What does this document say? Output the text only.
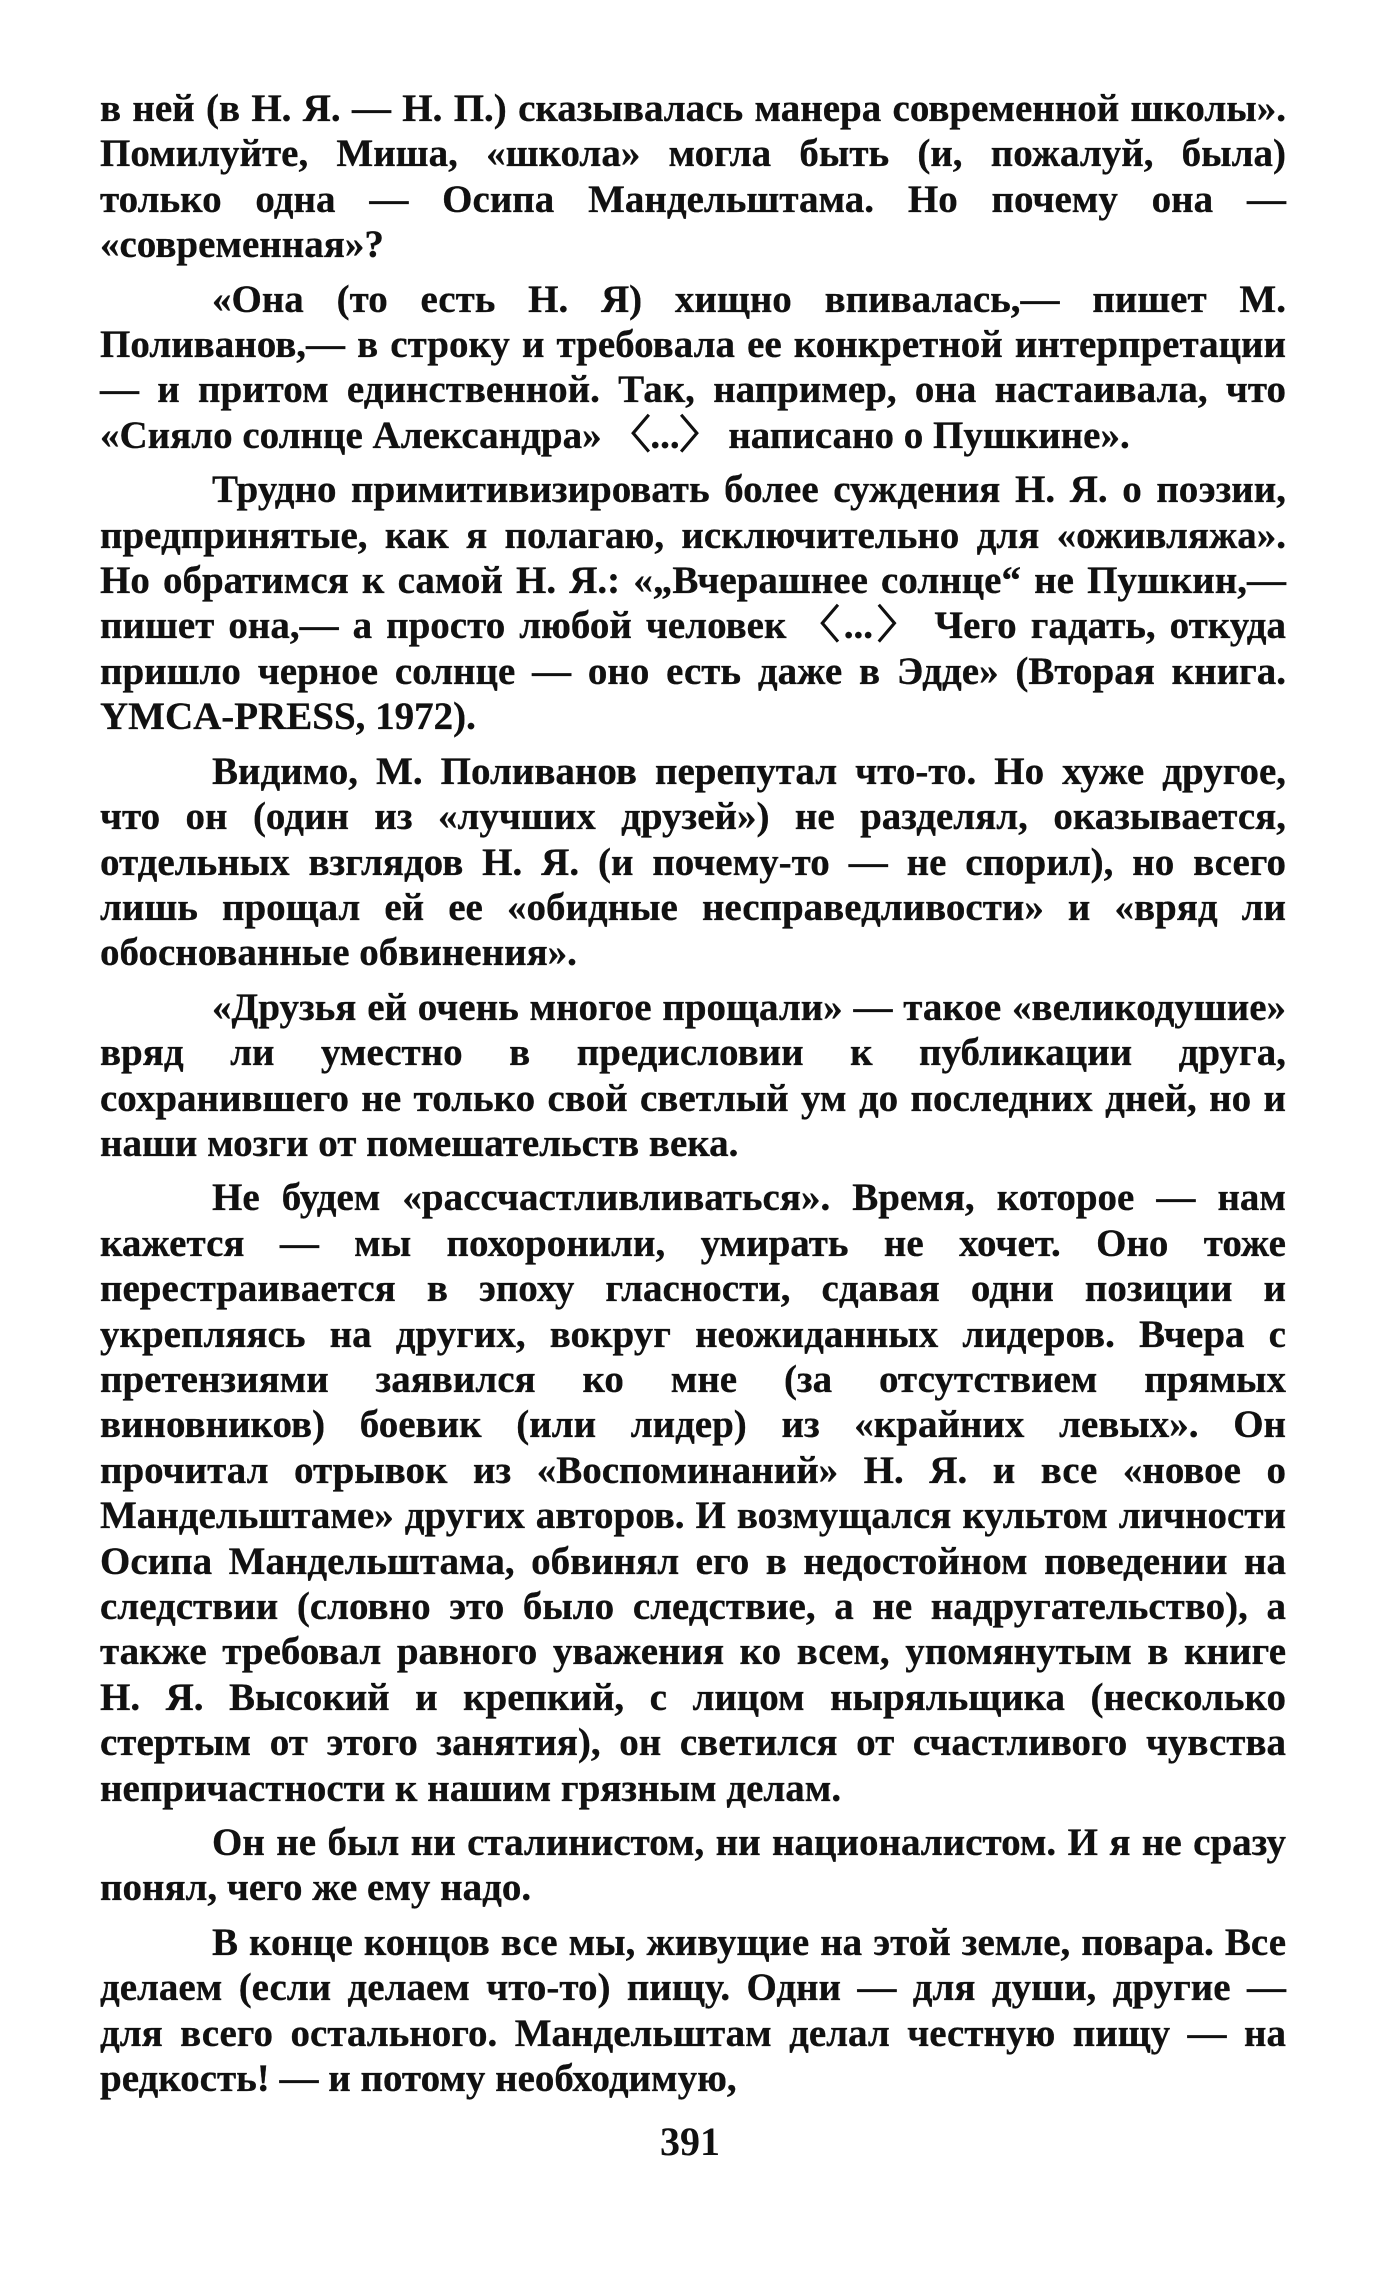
в ней (в Н. Я. — Н. П.) сказывалась манера современной школы». Помилуйте, Миша, «школа» могла быть (и, пожалуй, была) только одна — Осипа Мандельштама. Но почему она — «современная»?

«Она (то есть Н. Я) хищно впивалась,— пишет М. Поливанов,— в строку и требовала ее конкретной интерпретации — и притом единственной. Так, например, она настаивала, что «Сияло солнце Александра» 〈...〉 написано о Пушкине».

Трудно примитивизировать более суждения Н. Я. о поэзии, предпринятые, как я полагаю, исключительно для «оживляжа». Но обратимся к самой Н. Я.: «„Вчерашнее солнце“ не Пушкин,— пишет она,— а просто любой человек 〈...〉 Чего гадать, откуда пришло черное солнце — оно есть даже в Эдде» (Вторая книга. YMCA-PRESS, 1972).

Видимо, М. Поливанов перепутал что-то. Но хуже другое, что он (один из «лучших друзей») не разделял, оказывается, отдельных взглядов Н. Я. (и почему-то — не спорил), но всего лишь прощал ей ее «обидные несправедливости» и «вряд ли обоснованные обвинения».

«Друзья ей очень многое прощали» — такое «великодушие» вряд ли уместно в предисловии к публикации друга, сохранившего не только свой светлый ум до последних дней, но и наши мозги от помешательств века.

Не будем «рассчастливливаться». Время, которое — нам кажется — мы похоронили, умирать не хочет. Оно тоже перестраивается в эпоху гласности, сдавая одни позиции и укрепляясь на других, вокруг неожиданных лидеров. Вчера с претензиями заявился ко мне (за отсутствием прямых виновников) боевик (или лидер) из «крайних левых». Он прочитал отрывок из «Воспоминаний» Н. Я. и все «новое о Мандельштаме» других авторов. И возмущался культом личности Осипа Мандельштама, обвинял его в недостойном поведении на следствии (словно это было следствие, а не надругательство), а также требовал равного уважения ко всем, упомянутым в книге Н. Я. Высокий и крепкий, с лицом ныряльщика (несколько стертым от этого занятия), он светился от счастливого чувства непричастности к нашим грязным делам.

Он не был ни сталинистом, ни националистом. И я не сразу понял, чего же ему надо.

В конце концов все мы, живущие на этой земле, повара. Все делаем (если делаем что-то) пищу. Одни — для души, другие — для всего остального. Мандельштам делал честную пищу — на редкость! — и потому необходимую,

391
